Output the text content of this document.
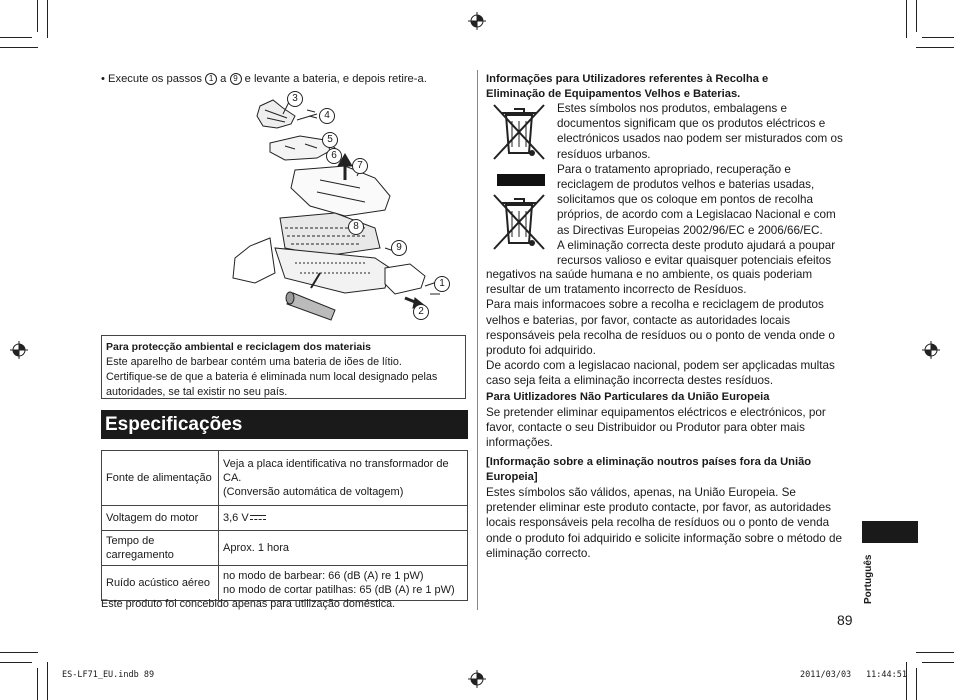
• Execute os passos 1 a 9 e levante a bateria, e depois retire-a.
3
4
5
6
7
8
9
1
2
Para protecção ambiental e reciclagem dos materiais
Este aparelho de barbear contém uma bateria de iões de lítio.
Certifique-se de que a bateria é eliminada num local designado pelas
autoridades, se tal existir no seu país.
Especificações
Fonte de alimentação	Veja a placa identificativa no transformador de
CA.
(Conversão automática de voltagem)

Voltagem do motor	3,6 V

Tempo de
carregamento	Aprox. 1 hora
Ruído acústico aéreo	no modo de barbear: 66 (dB (A) re 1 pW)
no modo de cortar patilhas: 65 (dB (A) re 1 pW)
Este produto foi concebido apenas para utilização doméstica.
Informações para Utilizadores referentes à Recolha e
Eliminação de Equipamentos Velhos e Baterias.
Estes símbolos nos produtos, embalagens e
documentos significam que os produtos eléctricos e
electrónicos usados nao podem ser misturados com os
resíduos urbanos.
Para o tratamento apropriado, recuperação e
reciclagem de produtos velhos e baterias usadas,
solicitamos que os coloque em pontos de recolha
próprios, de acordo com a Legislacao Nacional e com
as Directivas Europeias 2002/96/EC e 2006/66/EC.
A eliminação correcta deste produto ajudará a poupar
recursos valioso e evitar quaisquer potenciais efeitos
negativos na saúde humana e no ambiente, os quais poderiam
resultar de um tratamento incorrecto de Resíduos.
Para mais informacoes sobre a recolha e reciclagem de produtos
velhos e baterias, por favor, contacte as autoridades locais
responsáveis pela recolha de resíduos ou o ponto de venda onde o
produto foi adquirido.
De acordo com a legislacao nacional, podem ser apçlicadas multas
caso seja feita a eliminação incorrecta destes resíduos.
Para Uitlizadores Não Particulares da União Europeia
Se pretender eliminar equipamentos eléctricos e electrónicos, por
favor, contacte o seu Distribuidor ou Produtor para obter mais
informações.
[Informação sobre a eliminação noutros países fora da União
Europeia]
Estes símbolos são válidos, apenas, na União Europeia. Se
pretender eliminar este produto contacte, por favor, as autoridades
locais responsáveis pela recolha de resíduos ou o ponto de venda
onde o produto foi adquirido e solicite informação sobre o método de
eliminação correcto.
Português
89
ES-LF71_EU.indb 89	2011/03/03 11:44:51
